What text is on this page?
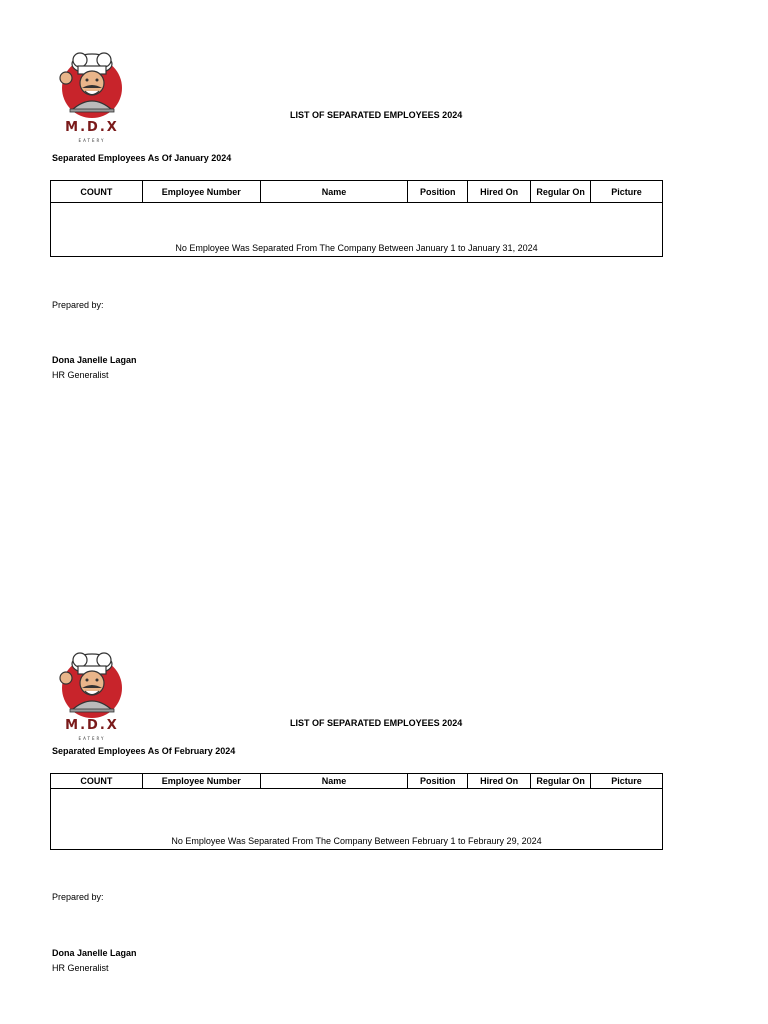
M.D.X
EATERY
LIST OF SEPARATED EMPLOYEES 2024
Separated Employees As Of January 2024
COUNT	Employee Number	Name	Position	Hired On	Regular On	Picture
No Employee Was Separated From The Company Between January 1 to January 31, 2024
Prepared by:
Dona Janelle Lagan
HR Generalist
M.D.X
EATERY
LIST OF SEPARATED EMPLOYEES 2024
Separated Employees As Of February 2024
COUNT	Employee Number	Name	Position	Hired On	Regular On	Picture
No Employee Was Separated From The Company Between February 1 to Febraury 29, 2024
Prepared by:
Dona Janelle Lagan
HR Generalist
